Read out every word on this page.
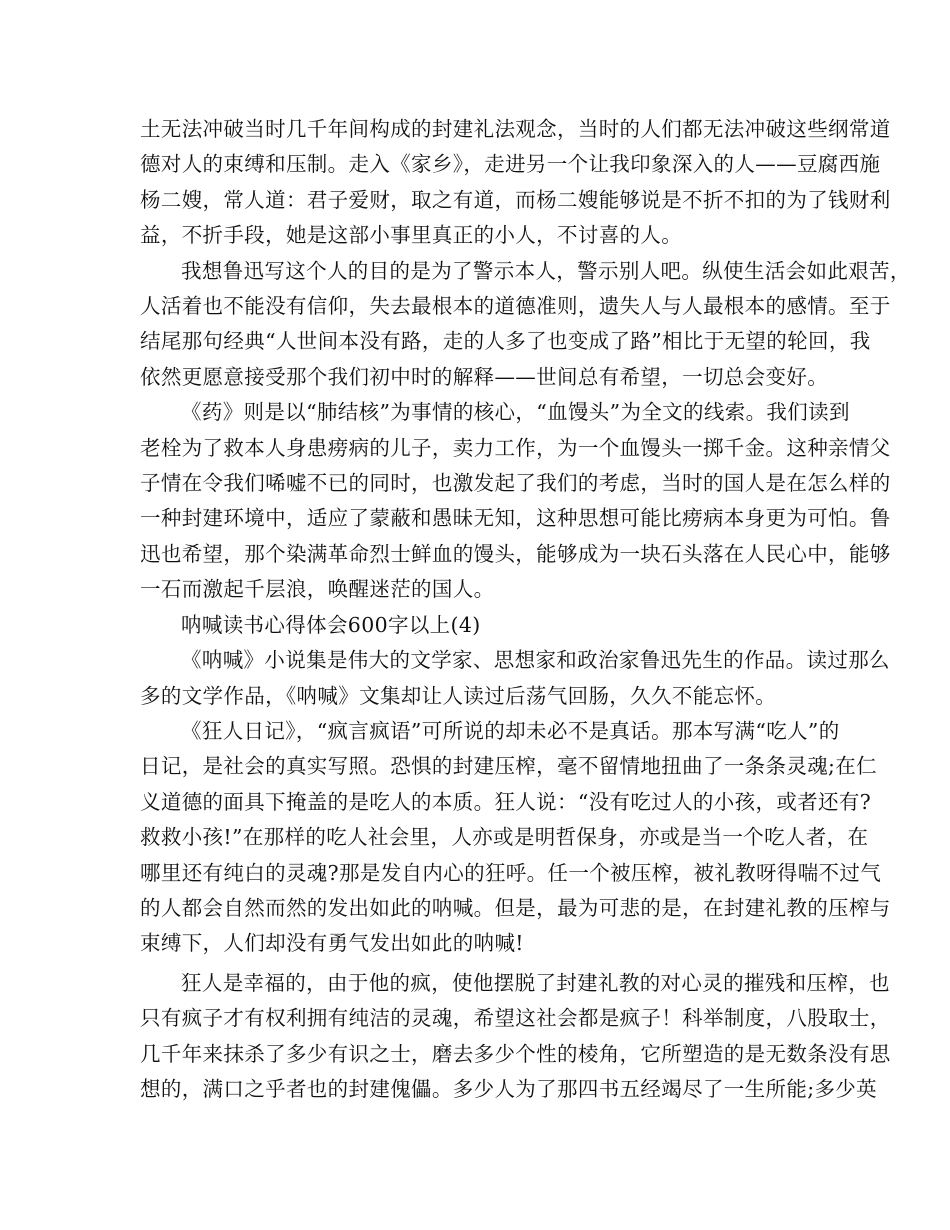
土无法冲破当时几千年间构成的封建礼法观念，当时的人们都无法冲破这些纲常道
德对人的束缚和压制。走入《家乡》，走进另一个让我印象深入的人——豆腐西施
杨二嫂，常人道：君子爱财，取之有道，而杨二嫂能够说是不折不扣的为了钱财利
益，不折手段，她是这部小事里真正的小人，不讨喜的人。
我想鲁迅写这个人的目的是为了警示本人，警示别人吧。纵使生活会如此艰苦，
人活着也不能没有信仰，失去最根本的道德准则，遗失人与人最根本的感情。至于
结尾那句经典“人世间本没有路，走的人多了也变成了路”相比于无望的轮回，我
依然更愿意接受那个我们初中时的解释——世间总有希望，一切总会变好。
《药》则是以“肺结核”为事情的核心，“血馒头”为全文的线索。我们读到
老栓为了救本人身患痨病的儿子，卖力工作，为一个血馒头一掷千金。这种亲情父
子情在令我们唏嘘不已的同时，也激发起了我们的考虑，当时的国人是在怎么样的
一种封建环境中，适应了蒙蔽和愚昧无知，这种思想可能比痨病本身更为可怕。鲁
迅也希望，那个染满革命烈士鲜血的馒头，能够成为一块石头落在人民心中，能够
一石而激起千层浪，唤醒迷茫的国人。
呐喊读书心得体会600字以上(4)
《呐喊》小说集是伟大的文学家、思想家和政治家鲁迅先生的作品。读过那么
多的文学作品，《呐喊》文集却让人读过后荡气回肠，久久不能忘怀。
《狂人日记》，“疯言疯语”可所说的却未必不是真话。那本写满“吃人”的
日记，是社会的真实写照。恐惧的封建压榨，毫不留情地扭曲了一条条灵魂;在仁
义道德的面具下掩盖的是吃人的本质。狂人说：“没有吃过人的小孩，或者还有?
救救小孩!”在那样的吃人社会里，人亦或是明哲保身，亦或是当一个吃人者，在
哪里还有纯白的灵魂?那是发自内心的狂呼。任一个被压榨，被礼教呀得喘不过气
的人都会自然而然的发出如此的呐喊。但是，最为可悲的是，在封建礼教的压榨与
束缚下，人们却没有勇气发出如此的呐喊!
狂人是幸福的，由于他的疯，使他摆脱了封建礼教的对心灵的摧残和压榨，也
只有疯子才有权利拥有纯洁的灵魂，希望这社会都是疯子！科举制度，八股取士，
几千年来抹杀了多少有识之士，磨去多少个性的棱角，它所塑造的是无数条没有思
想的，满口之乎者也的封建傀儡。多少人为了那四书五经竭尽了一生所能;多少英
